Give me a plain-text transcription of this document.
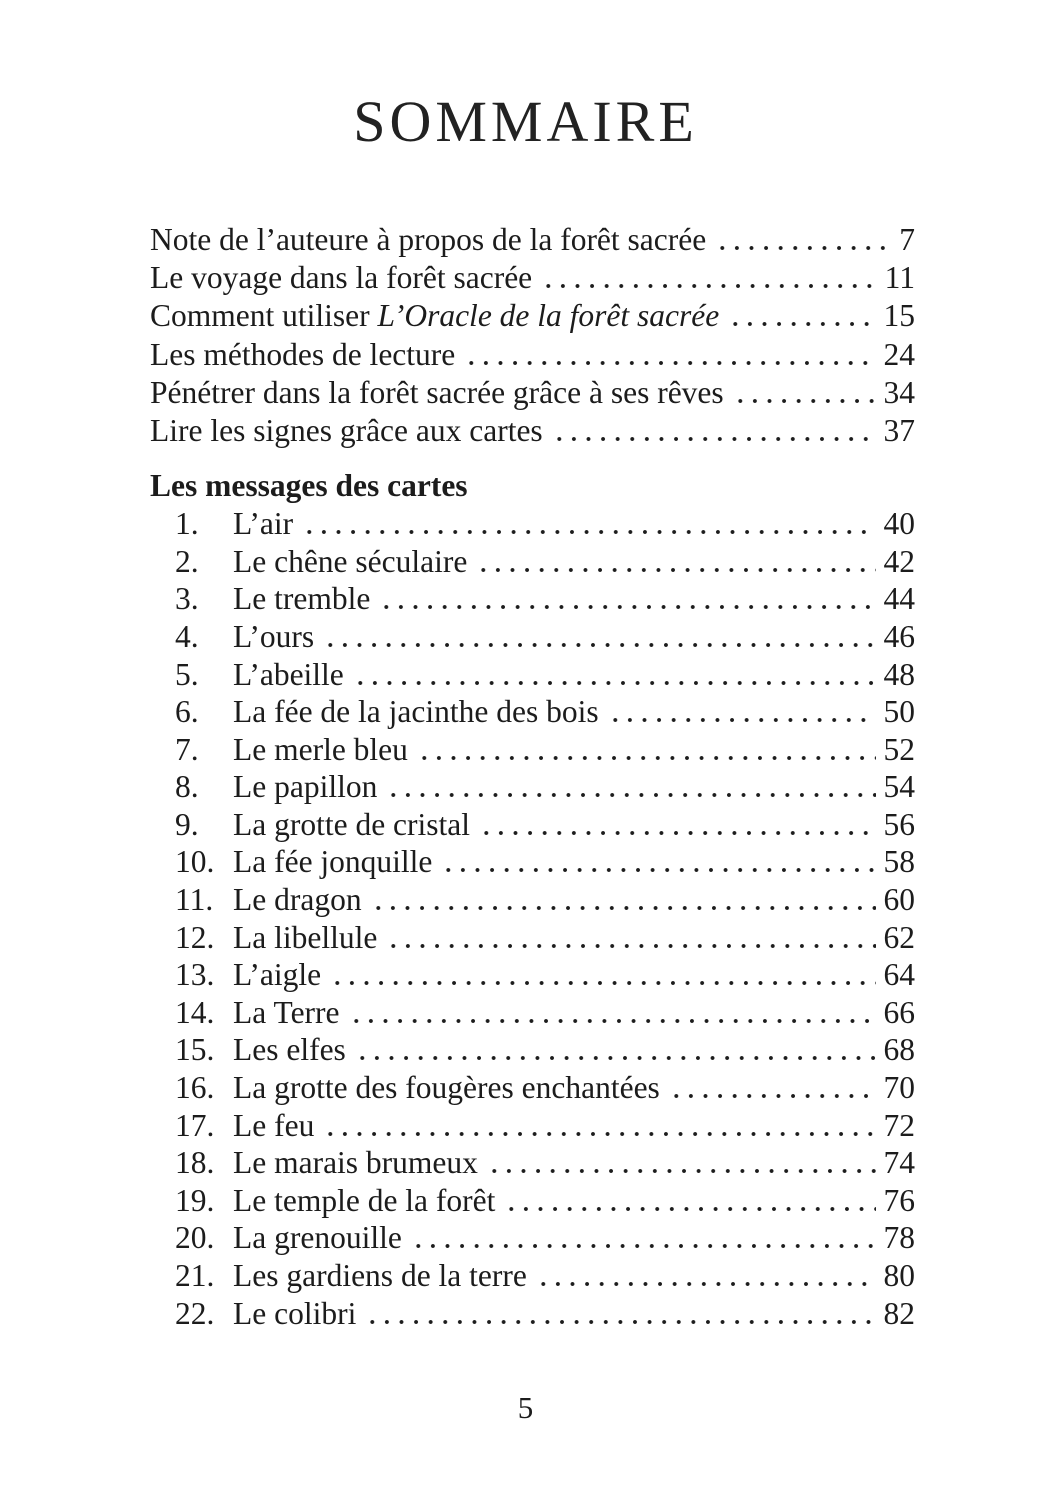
SOMMAIRE
Note de l’auteure à propos de la forêt sacrée	7
Le voyage dans la forêt sacrée	11
Comment utiliser L’Oracle de la forêt sacrée	15
Les méthodes de lecture	24
Pénétrer dans la forêt sacrée grâce à ses rêves	34
Lire les signes grâce aux cartes	37
Les messages des cartes
1.	L’air	40
2.	Le chêne séculaire	42
3.	Le tremble	44
4.	L’ours	46
5.	L’abeille	48
6.	La fée de la jacinthe des bois	50
7.	Le merle bleu	52
8.	Le papillon	54
9.	La grotte de cristal	56
10. La fée jonquille	58
11. Le dragon	60
12. La libellule	62
13. L’aigle	64
14. La Terre	66
15. Les elfes	68
16. La grotte des fougères enchantées	70
17. Le feu	72
18. Le marais brumeux	74
19. Le temple de la forêt	76
20. La grenouille	78
21. Les gardiens de la terre	80
22. Le colibri	82
5
